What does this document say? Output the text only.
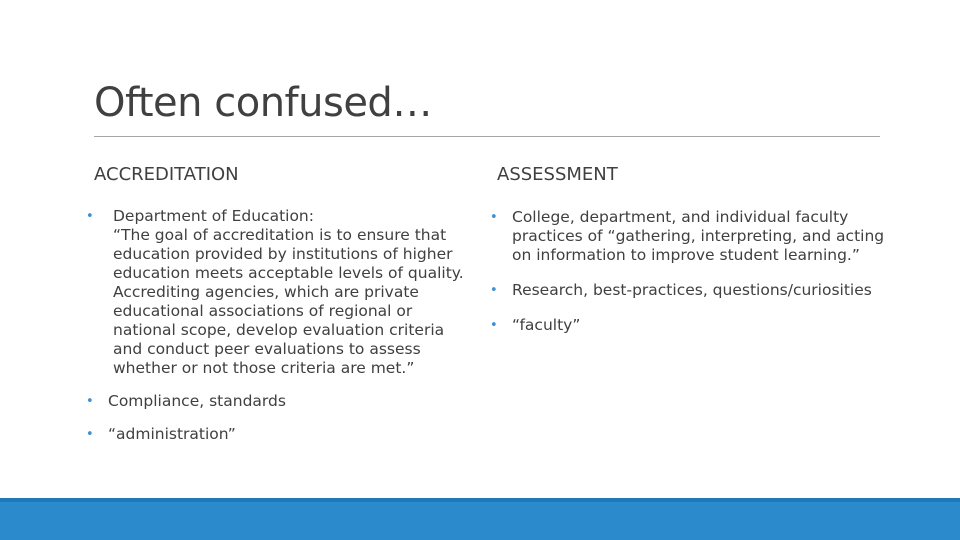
Often confused…
ACCREDITATION	ASSESSMENT
•	Department of Education:
“The goal of accreditation is to ensure that
education provided by institutions of higher
education meets acceptable levels of quality.
Accrediting agencies, which are private
educational associations of regional or
national scope, develop evaluation criteria
and conduct peer evaluations to assess
whether or not those criteria are met.”
• Compliance, standards
• “administration”
• College, department, and individual faculty
practices of “gathering, interpreting, and acting
on information to improve student learning.”
• Research, best-practices, questions/curiosities
• “faculty”
